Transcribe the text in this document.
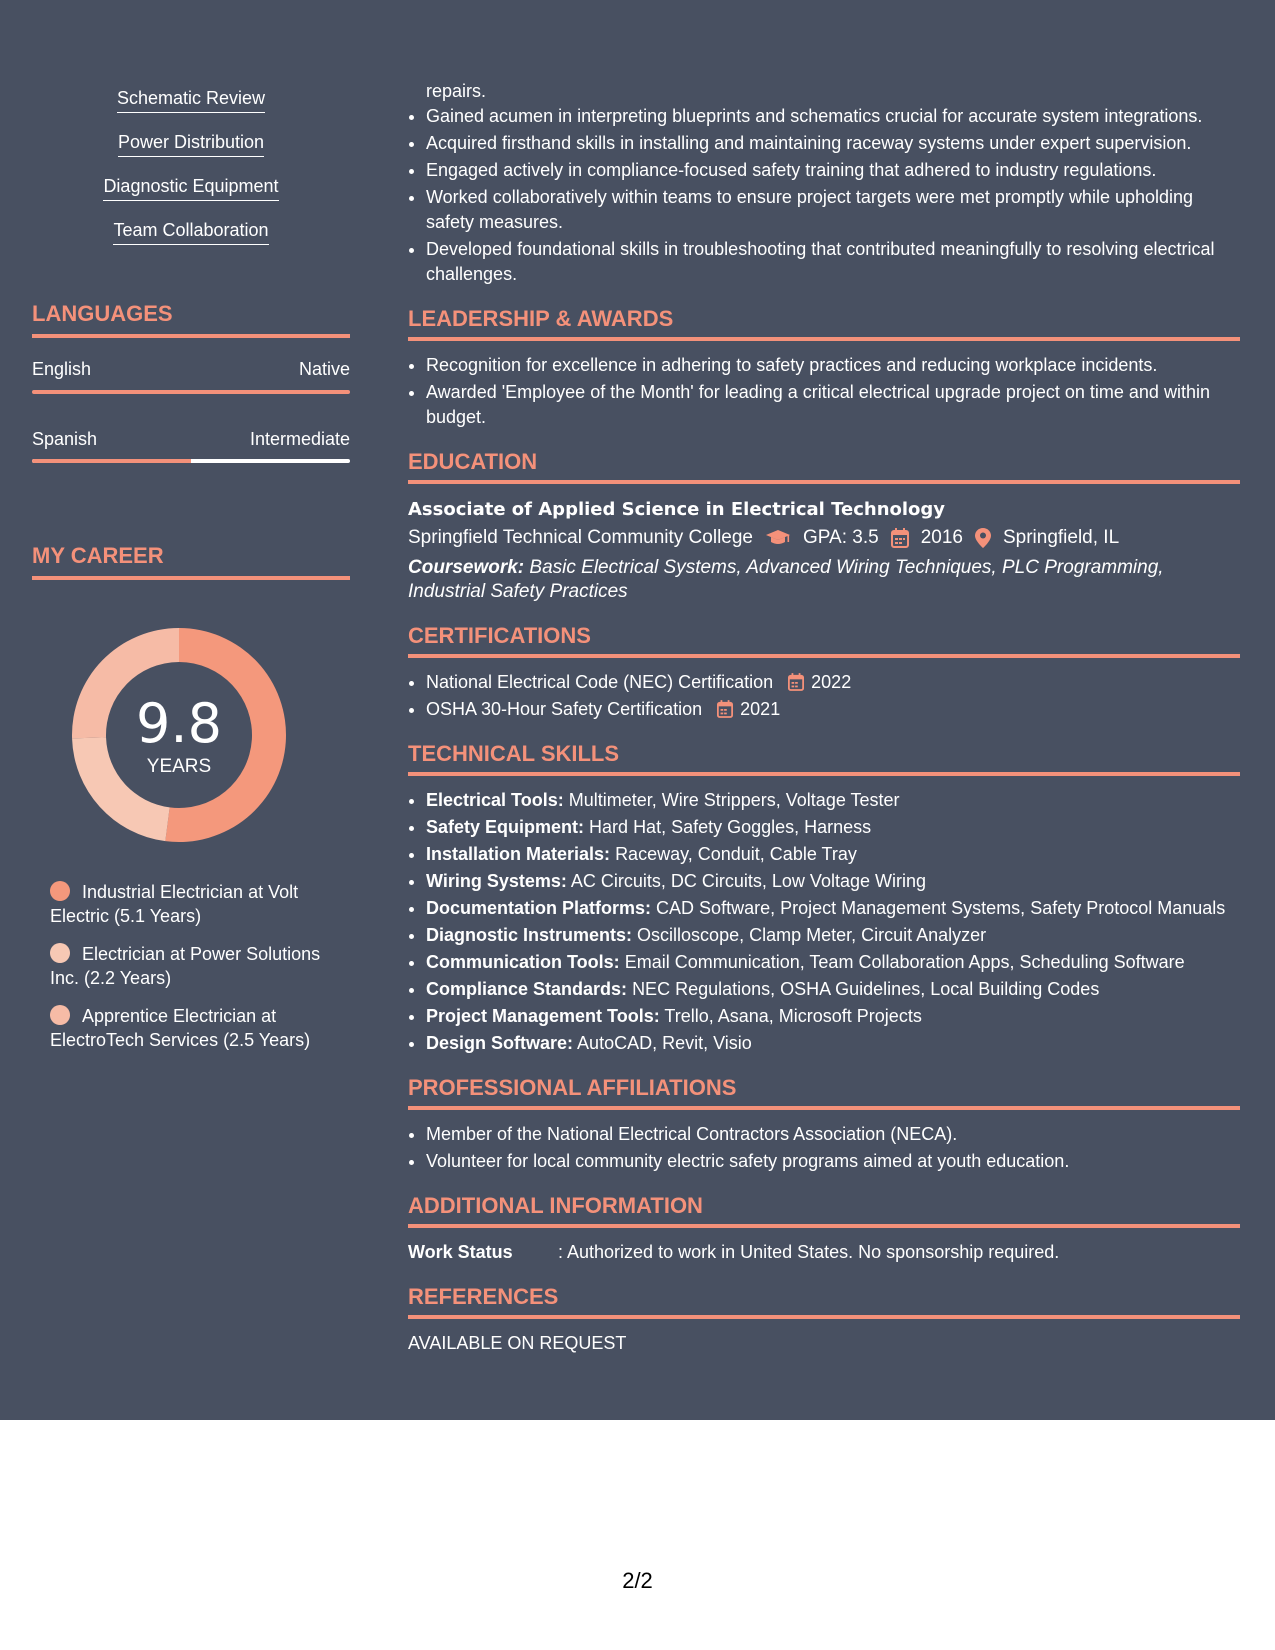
Schematic Review
Power Distribution
Diagnostic Equipment
Team Collaboration
LANGUAGES
English	Native
Spanish	Intermediate
MY CAREER
9.8
YEARS
Industrial Electrician at Volt Electric (5.1 Years)
Electrician at Power Solutions Inc. (2.2 Years)
Apprentice Electrician at ElectroTech Services (2.5 Years)
repairs.
• Gained acumen in interpreting blueprints and schematics crucial for accurate system integrations.
• Acquired firsthand skills in installing and maintaining raceway systems under expert supervision.
• Engaged actively in compliance-focused safety training that adhered to industry regulations.
• Worked collaboratively within teams to ensure project targets were met promptly while upholding safety measures.
• Developed foundational skills in troubleshooting that contributed meaningfully to resolving electrical challenges.
LEADERSHIP & AWARDS
• Recognition for excellence in adhering to safety practices and reducing workplace incidents.
• Awarded 'Employee of the Month' for leading a critical electrical upgrade project on time and within budget.
EDUCATION
Associate of Applied Science in Electrical Technology
Springfield Technical Community College	GPA: 3.5 2016 Springfield, IL
Coursework: Basic Electrical Systems, Advanced Wiring Techniques, PLC Programming, Industrial Safety Practices
CERTIFICATIONS
• National Electrical Code (NEC) Certification 2022
• OSHA 30-Hour Safety Certification 2021
TECHNICAL SKILLS
• Electrical Tools: Multimeter, Wire Strippers, Voltage Tester
• Safety Equipment: Hard Hat, Safety Goggles, Harness
• Installation Materials: Raceway, Conduit, Cable Tray
• Wiring Systems: AC Circuits, DC Circuits, Low Voltage Wiring
• Documentation Platforms: CAD Software, Project Management Systems, Safety Protocol Manuals
• Diagnostic Instruments: Oscilloscope, Clamp Meter, Circuit Analyzer
• Communication Tools: Email Communication, Team Collaboration Apps, Scheduling Software
• Compliance Standards: NEC Regulations, OSHA Guidelines, Local Building Codes
• Project Management Tools: Trello, Asana, Microsoft Projects
• Design Software: AutoCAD, Revit, Visio
PROFESSIONAL AFFILIATIONS
• Member of the National Electrical Contractors Association (NECA).
• Volunteer for local community electric safety programs aimed at youth education.
ADDITIONAL INFORMATION
Work Status	: Authorized to work in United States. No sponsorship required.
REFERENCES
AVAILABLE ON REQUEST
2/2
